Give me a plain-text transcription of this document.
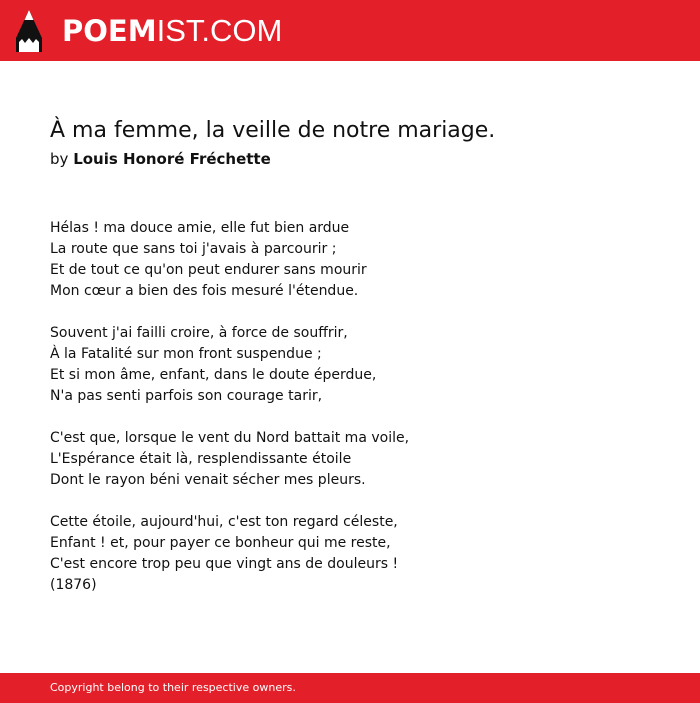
POEMIST.COM
À ma femme, la veille de notre mariage.
by Louis Honoré Fréchette
Hélas ! ma douce amie, elle fut bien ardue
La route que sans toi j'avais à parcourir ;
Et de tout ce qu'on peut endurer sans mourir
Mon cœur a bien des fois mesuré l'étendue.
Souvent j'ai failli croire, à force de souffrir,
À la Fatalité sur mon front suspendue ;
Et si mon âme, enfant, dans le doute éperdue,
N'a pas senti parfois son courage tarir,
C'est que, lorsque le vent du Nord battait ma voile,
L'Espérance était là, resplendissante étoile
Dont le rayon béni venait sécher mes pleurs.
Cette étoile, aujourd'hui, c'est ton regard céleste,
Enfant ! et, pour payer ce bonheur qui me reste,
C'est encore trop peu que vingt ans de douleurs !
(1876)
Copyright belong to their respective owners.
